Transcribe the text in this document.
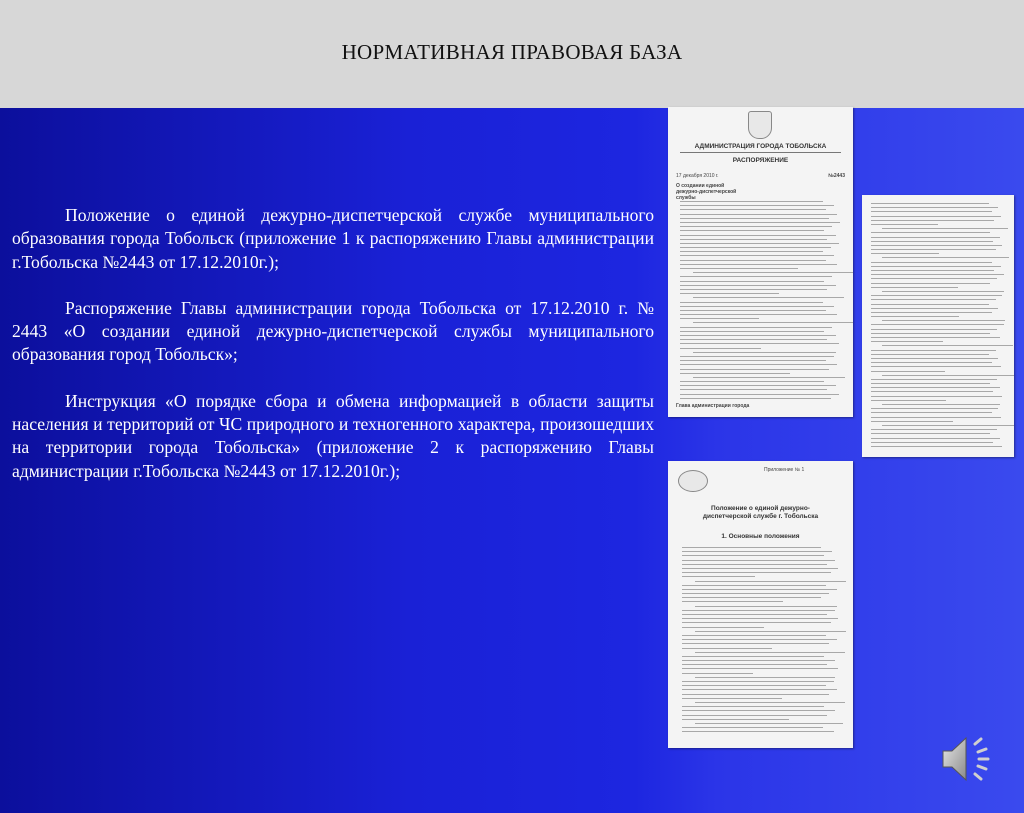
НОРМАТИВНАЯ ПРАВОВАЯ БАЗА

Положение о единой дежурно-диспетчерской службе муниципального образования города Тобольск (приложение 1 к распоряжению Главы администрации г.Тобольска №2443 от 17.12.2010г.);

Распоряжение Главы администрации города Тобольска от 17.12.2010 г. № 2443 «О создании единой дежурно-диспетчерской службы муниципального образования город Тобольск»;

Инструкция «О порядке сбора и обмена информацией в области защиты населения и территорий от ЧС природного и техногенного характера, произошедших на территории города Тобольска» (приложение 2 к распоряжению Главы администрации г.Тобольска №2443 от 17.12.2010г.);

АДМИНИСТРАЦИЯ ГОРОДА ТОБОЛЬСКА
РАСПОРЯЖЕНИЕ
17 декабря 2010 г.	№2443
О создании единой дежурно-диспетчерской службы
Глава администрации города
Приложение № 1
Положение о единой дежурно-диспетчерской службе г. Тобольска
1. Основные положения
